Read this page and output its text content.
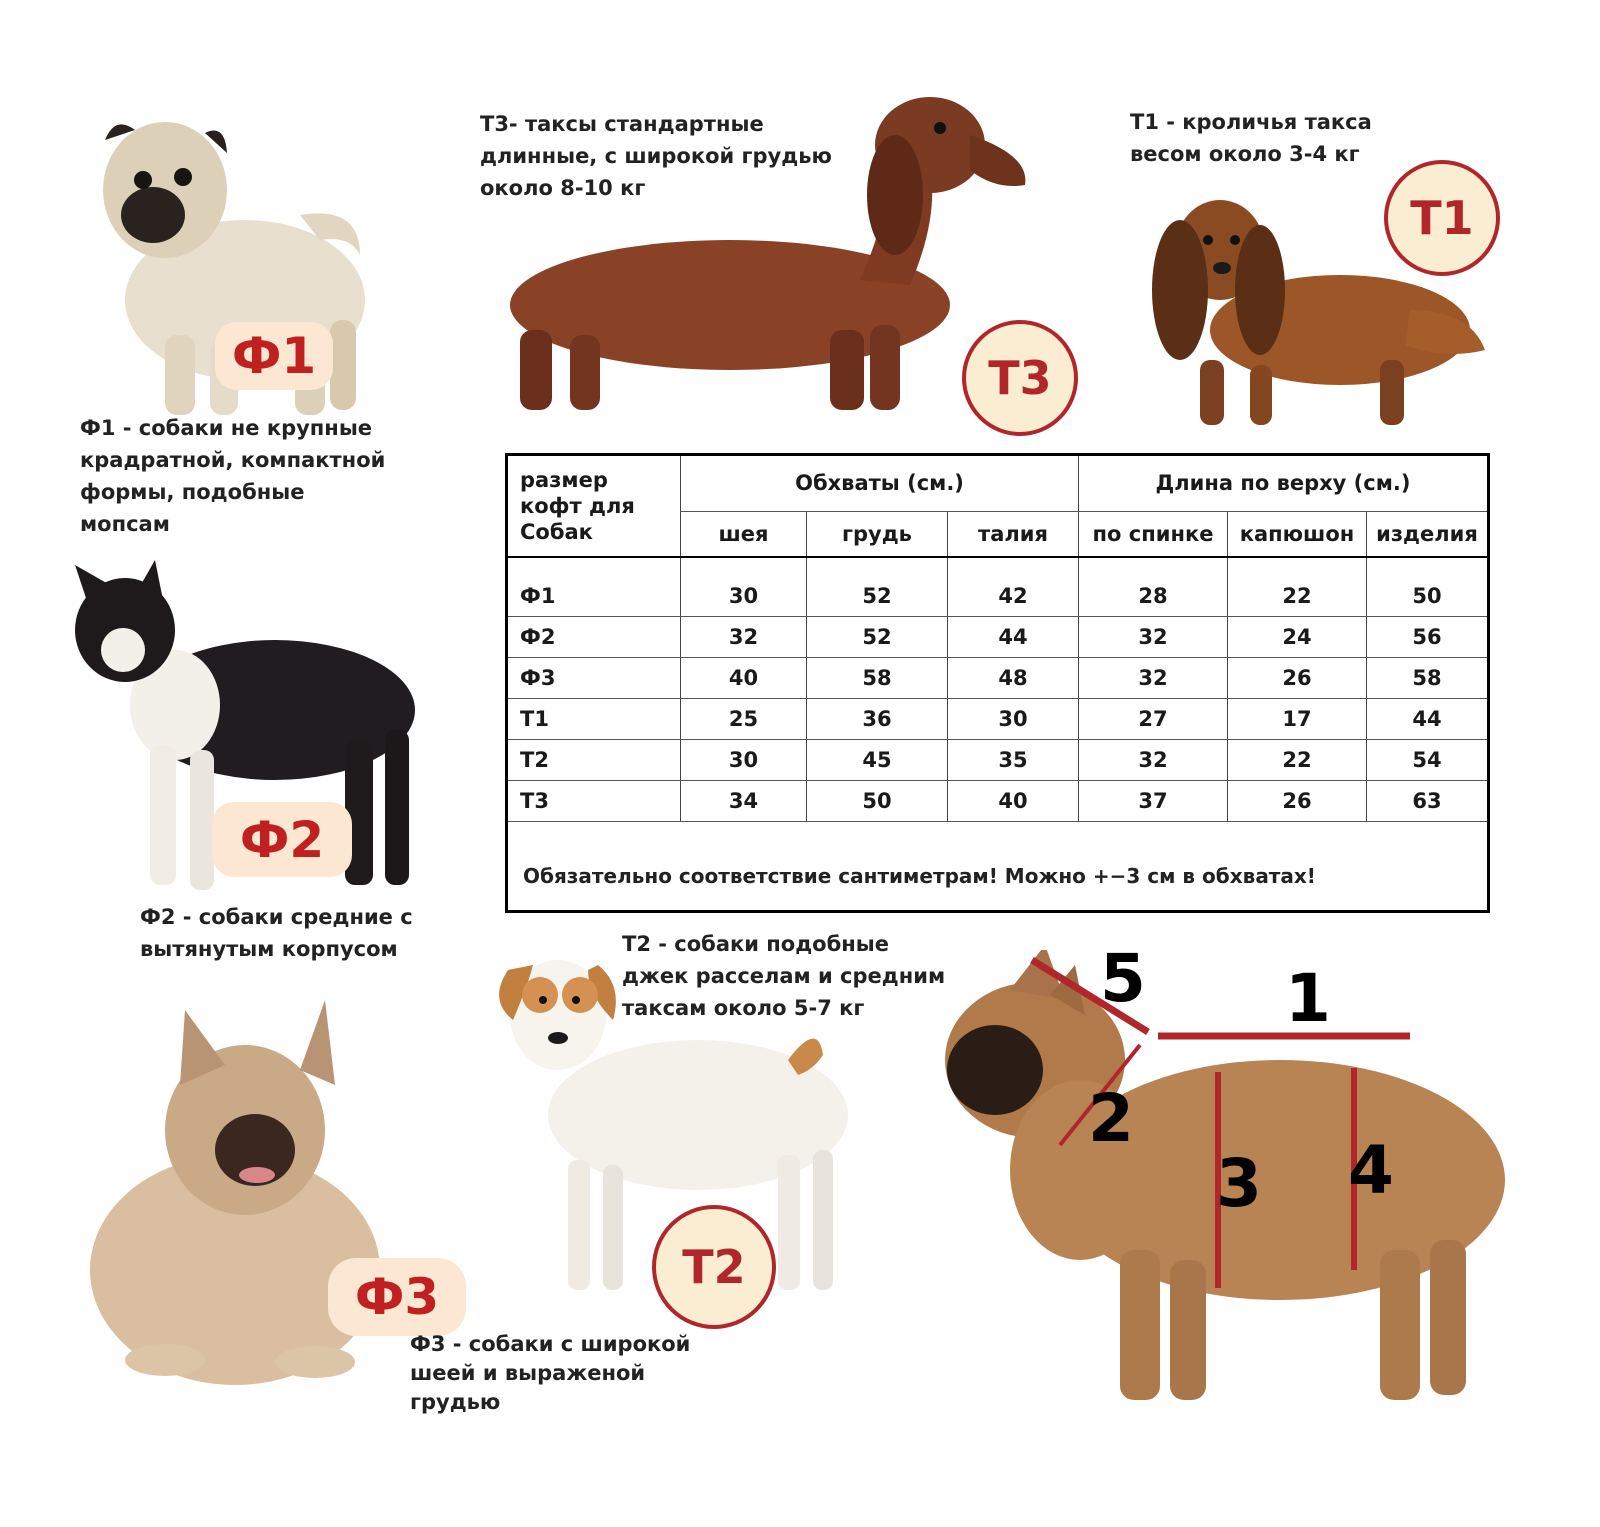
Ф1
Ф1 - собаки не крупные
крадратной, компактной
формы, подобные
мопсам
Ф2
Ф2 - собаки средние с
вытянутым корпусом
Ф3
Ф3 - собаки с широкой
шеей и выраженой
грудью
Т3- таксы стандартные
длинные, с широкой грудью
около 8-10 кг
Т3
Т1 - кроличья такса
весом около 3-4 кг
Т1
Т2 - собаки подобные
джек расселам и средним
таксам около 5-7 кг
Т2
размер
кофт для
Собак	Обхваты (см.)			Длина по верху (см.)		
	шея	грудь	талия	по спинке	капюшон	изделия

Ф1	30	52	42	28	22	50
Ф2	32	52	44	32	24	56
Ф3	40	58	48	32	26	58
Т1	25	36	30	27	17	44
Т2	30	45	35	32	22	54
Т3	34	50	40	37	26	63
Обязательно соответствие сантиметрам! Можно +−3 см в обхватах!
1
2
3 4
5
